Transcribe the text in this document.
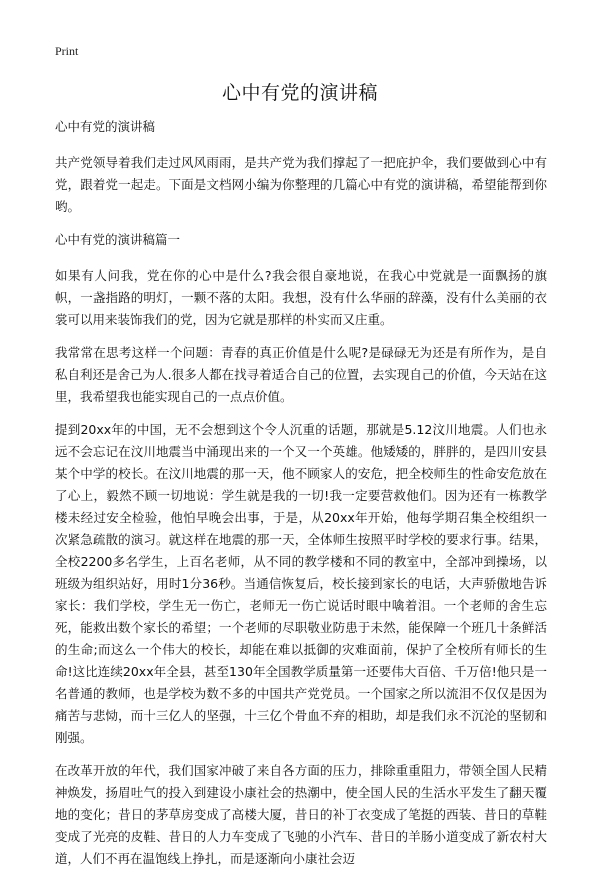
Print
心中有党的演讲稿

心中有党的演讲稿

共产党领导着我们走过风风雨雨，是共产党为我们撑起了一把庇护伞，我们要做到心中有党，跟着党一起走。下面是文档网小编为你整理的几篇心中有党的演讲稿，希望能帮到你哟。

心中有党的演讲稿篇一

如果有人问我，党在你的心中是什么?我会很自豪地说，在我心中党就是一面飘扬的旗帜，一盏指路的明灯，一颗不落的太阳。我想，没有什么华丽的辞藻，没有什么美丽的衣裳可以用来装饰我们的党，因为它就是那样的朴实而又庄重。

我常常在思考这样一个问题：青春的真正价值是什么呢?是碌碌无为还是有所作为，是自私自利还是舍己为人.很多人都在找寻着适合自己的位置，去实现自己的价值，今天站在这里，我希望我也能实现自己的一点点价值。

提到20xx年的中国，无不会想到这个令人沉重的话题，那就是5.12汶川地震。人们也永远不会忘记在汶川地震当中涌现出来的一个又一个英雄。他矮矮的，胖胖的，是四川安县某个中学的校长。在汶川地震的那一天，他不顾家人的安危，把全校师生的性命安危放在了心上，毅然不顾一切地说：学生就是我的一切!我一定要营救他们。因为还有一栋教学楼未经过安全检验，他怕早晚会出事，于是，从20xx年开始，他每学期召集全校组织一次紧急疏散的演习。就这样在地震的那一天，全体师生按照平时学校的要求行事。结果，全校2200多名学生，上百名老师，从不同的教学楼和不同的教室中，全部冲到操场，以班级为组织站好，用时1分36秒。当通信恢复后，校长接到家长的电话，大声骄傲地告诉家长：我们学校，学生无一伤亡，老师无一伤亡说话时眼中噙着泪。一个老师的舍生忘死，能救出数个家长的希望；一个老师的尽职敬业防患于未然，能保障一个班几十条鲜活的生命;而这么一个伟大的校长，却能在难以抵御的灾难面前，保护了全校所有师长的生命!这比连续20xx年全县，甚至130年全国教学质量第一还要伟大百倍、千万倍!他只是一名普通的教师，也是学校为数不多的中国共产党党员。一个国家之所以流泪不仅仅是因为痛苦与悲恸，而十三亿人的坚强，十三亿个骨血不弃的相助，却是我们永不沉沦的坚韧和刚强。

在改革开放的年代，我们国家冲破了来自各方面的压力，排除重重阻力，带领全国人民精神焕发，扬眉吐气的投入到建设小康社会的热潮中，使全国人民的生活水平发生了翻天覆地的变化；昔日的茅草房变成了高楼大厦，昔日的补丁衣变成了笔挺的西装、昔日的草鞋变成了光亮的皮鞋、昔日的人力车变成了飞驰的小汽车、昔日的羊肠小道变成了新农村大道，人们不再在温饱线上挣扎，而是逐渐向小康社会迈
